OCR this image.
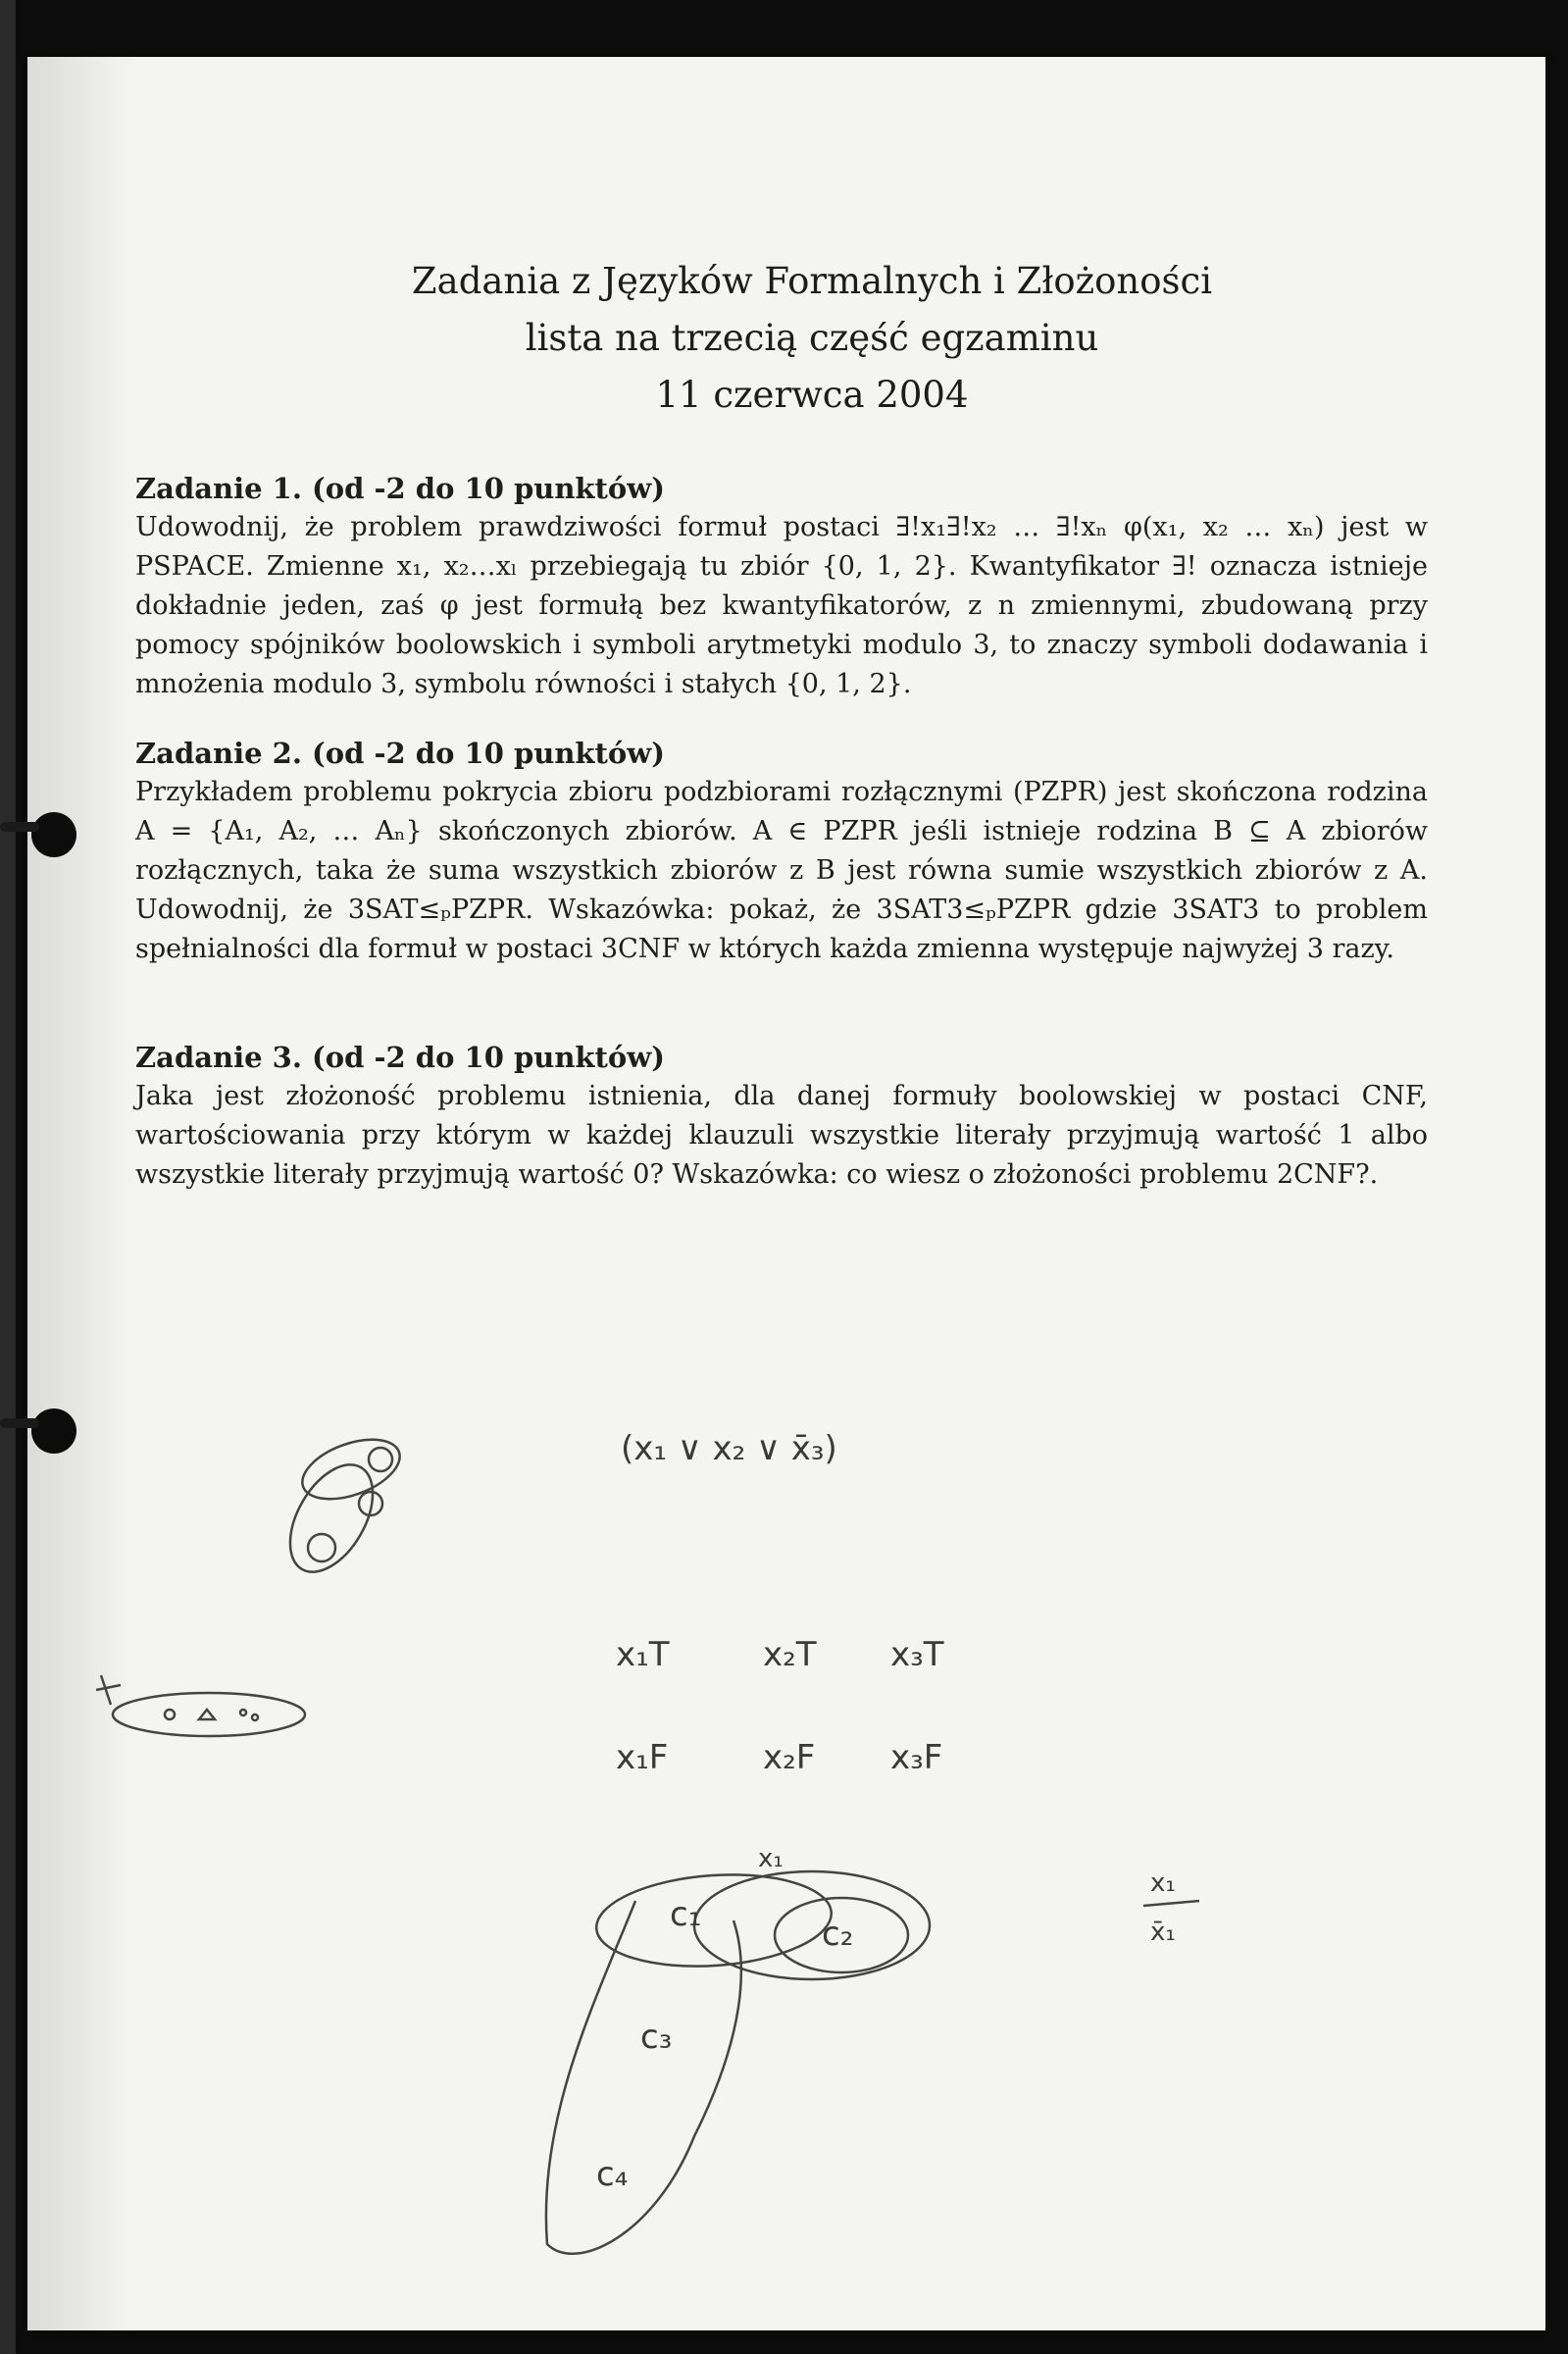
Zadania z Języków Formalnych i Złożoności
lista na trzecią część egzaminu
11 czerwca 2004
Zadanie 1. (od -2 do 10 punktów)
Udowodnij, że problem prawdziwości formuł postaci ∃!x₁∃!x₂ … ∃!xₙ φ(x₁, x₂ … xₙ) jest w PSPACE. Zmienne x₁, x₂…xₗ przebiegają tu zbiór {0, 1, 2}. Kwantyfikator ∃! oznacza istnieje dokładnie jeden, zaś φ jest formułą bez kwantyfikatorów, z n zmiennymi, zbudowaną przy pomocy spójników boolowskich i symboli arytmetyki modulo 3, to znaczy symboli dodawania i mnożenia modulo 3, symbolu równości i stałych {0, 1, 2}.
Zadanie 2. (od -2 do 10 punktów)
Przykładem problemu pokrycia zbioru podzbiorami rozłącznymi (PZPR) jest skończona rodzina A = {A₁, A₂, … Aₙ} skończonych zbiorów. A ∈ PZPR jeśli istnieje rodzina B ⊆ A zbiorów rozłącznych, taka że suma wszystkich zbiorów z B jest równa sumie wszystkich zbiorów z A. Udowodnij, że 3SAT≤ₚPZPR. Wskazówka: pokaż, że 3SAT3≤ₚPZPR gdzie 3SAT3 to problem spełnialności dla formuł w postaci 3CNF w których każda zmienna występuje najwyżej 3 razy.
Zadanie 3. (od -2 do 10 punktów)
Jaka jest złożoność problemu istnienia, dla danej formuły boolowskiej w postaci CNF, wartościowania przy którym w każdej klauzuli wszystkie literały przyjmują wartość 1 albo wszystkie literały przyjmują wartość 0? Wskazówka: co wiesz o złożoności problemu 2CNF?.
(x₁ ∨ x₂ ∨ x̄₃)
x₁T	x₂T x₃T
x₁F	x₂F x₃F
x₁
c₁	c₂
c₃
c₄
x₁
x̄₁
